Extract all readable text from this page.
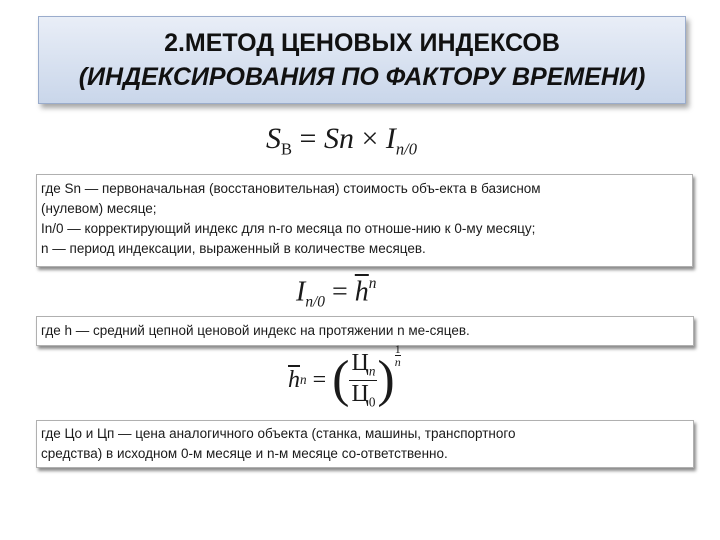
2.МЕТОД ЦЕНОВЫХ ИНДЕКСОВ
(ИНДЕКСИРОВАНИЯ ПО ФАКТОРУ ВРЕМЕНИ)
$S_В = Sn \times I_{n/0}$
где Sn — первоначальная (восстановительная) стоимость объ-екта в базисном
(нулевом) месяце;
In/0 — корректирующий индекс для n-го месяца по отноше-нию к 0-му месяцу;
n — период индексации, выраженный в количестве месяцев.
$I_{n/0} = \overline{h}^n$
где h — средний цепной ценовой индекс на протяжении n ме-сяцев.
$\overline{h}$ n = ( $\frac{Ц_n}{Ц_0}$ ) $\frac{1}{n}$
где Цо и Цп — цена аналогичного объекта (станка, машины, транспортного
средства) в исходном 0-м месяце и n-м месяце со-ответственно.
